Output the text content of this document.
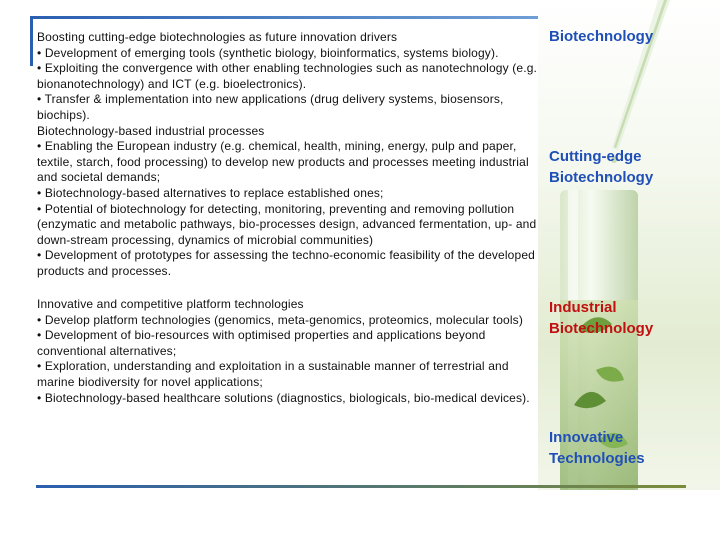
Biotechnology
Cutting-edge Biotechnology
Industrial Biotechnology
Innovative Technologies
Boosting cutting-edge biotechnologies as future innovation drivers
• Development of emerging tools (synthetic biology, bioinformatics, systems biology).
• Exploiting the convergence with other enabling technologies such as nanotechnology (e.g. bionanotechnology) and ICT (e.g. bioelectronics).
• Transfer & implementation into new applications (drug delivery systems, biosensors, biochips).
Biotechnology-based industrial processes
• Enabling the European industry (e.g. chemical, health, mining, energy, pulp and paper, textile, starch, food processing) to develop new products and processes meeting industrial and societal demands;
• Biotechnology-based alternatives to replace established ones;
• Potential of biotechnology for detecting, monitoring, preventing and removing pollution (enzymatic and metabolic pathways, bio-processes design, advanced fermentation, up- and down-stream processing, dynamics of microbial communities)
• Development of prototypes for assessing the techno-economic feasibility of the developed products and processes.
Innovative and competitive platform technologies
• Develop platform technologies (genomics, meta-genomics, proteomics, molecular tools)
• Development of bio-resources with optimised properties and applications beyond conventional alternatives;
• Exploration, understanding and exploitation in a sustainable manner of terrestrial and marine biodiversity for novel applications;
• Biotechnology-based healthcare solutions (diagnostics, biologicals, bio-medical devices).
